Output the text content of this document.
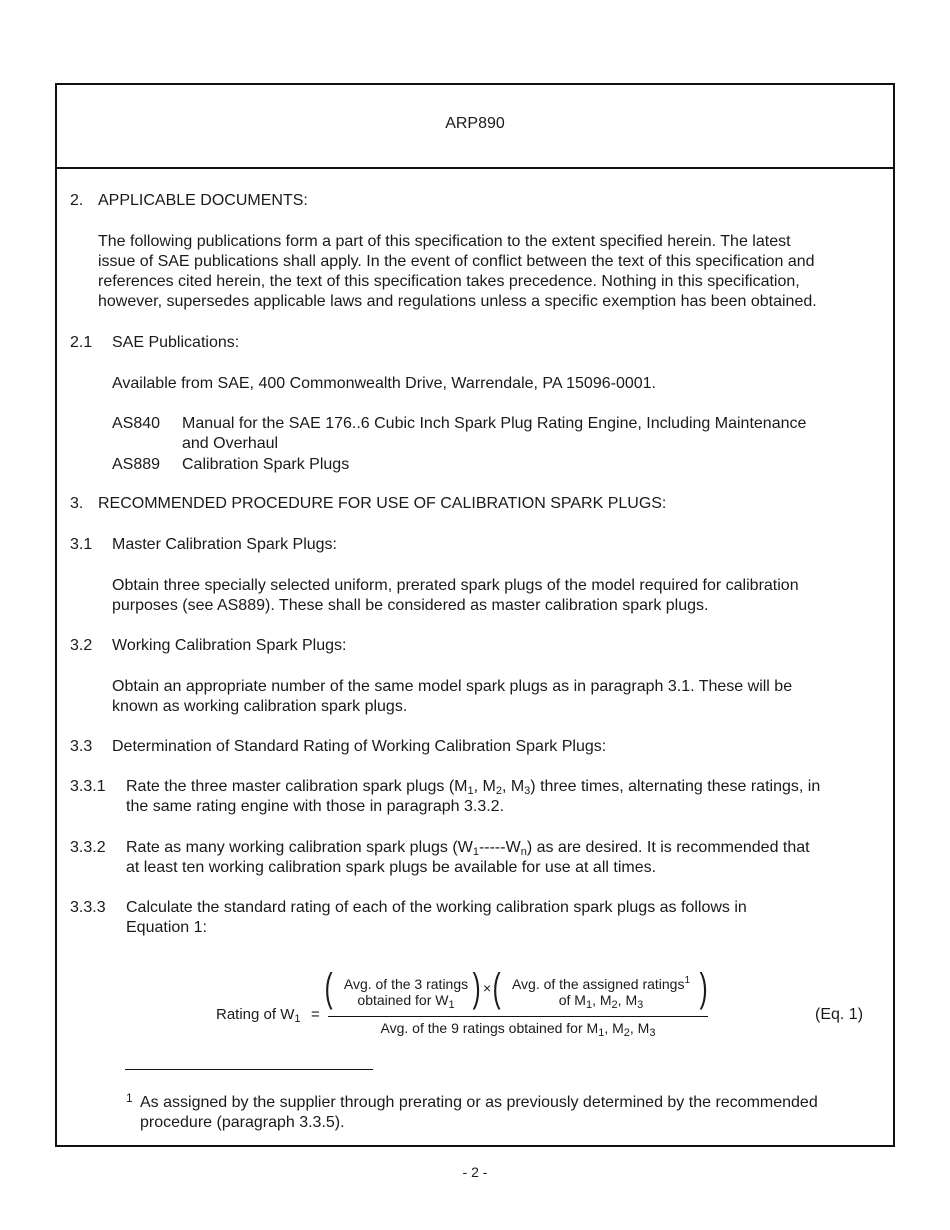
ARP890
2. APPLICABLE DOCUMENTS:
The following publications form a part of this specification to the extent specified herein. The latest
issue of SAE publications shall apply. In the event of conflict between the text of this specification and
references cited herein, the text of this specification takes precedence. Nothing in this specification,
however, supersedes applicable laws and regulations unless a specific exemption has been obtained.
2.1 SAE Publications:
Available from SAE, 400 Commonwealth Drive, Warrendale, PA 15096-0001.
AS840 Manual for the SAE 176..6 Cubic Inch Spark Plug Rating Engine, Including Maintenance
and Overhaul
AS889 Calibration Spark Plugs
3. RECOMMENDED PROCEDURE FOR USE OF CALIBRATION SPARK PLUGS:
3.1 Master Calibration Spark Plugs:
Obtain three specially selected uniform, prerated spark plugs of the model required for calibration
purposes (see AS889). These shall be considered as master calibration spark plugs.
3.2 Working Calibration Spark Plugs:
Obtain an appropriate number of the same model spark plugs as in paragraph 3.1. These will be
known as working calibration spark plugs.
3.3 Determination of Standard Rating of Working Calibration Spark Plugs:
3.3.1 Rate the three master calibration spark plugs ($M_1$, $M_2$, $M_3$) three times, alternating these ratings, in
the same rating engine with those in paragraph 3.3.2.
3.3.2 Rate as many working calibration spark plugs $(W_1-----W_n)$ as are desired. It is recommended that
at least ten working calibration spark plugs be available for use at all times.
3.3.3 Calculate the standard rating of each of the working calibration spark plugs as follows in
Equation 1:
Rating of $W_1$ =
( Avg. of the 3 ratings
obtained for $W_1$ ) × ( Avg. of the assigned ratings$^1$
of $M_1$, $M_2$, $M_3$	)
Avg. of the 9 ratings obtained for $M_1$, $M_2$, $M_3$
(Eq. 1)
1 As assigned by the supplier through prerating or as previously determined by the recommended
procedure (paragraph 3.3.5).
- 2 -
